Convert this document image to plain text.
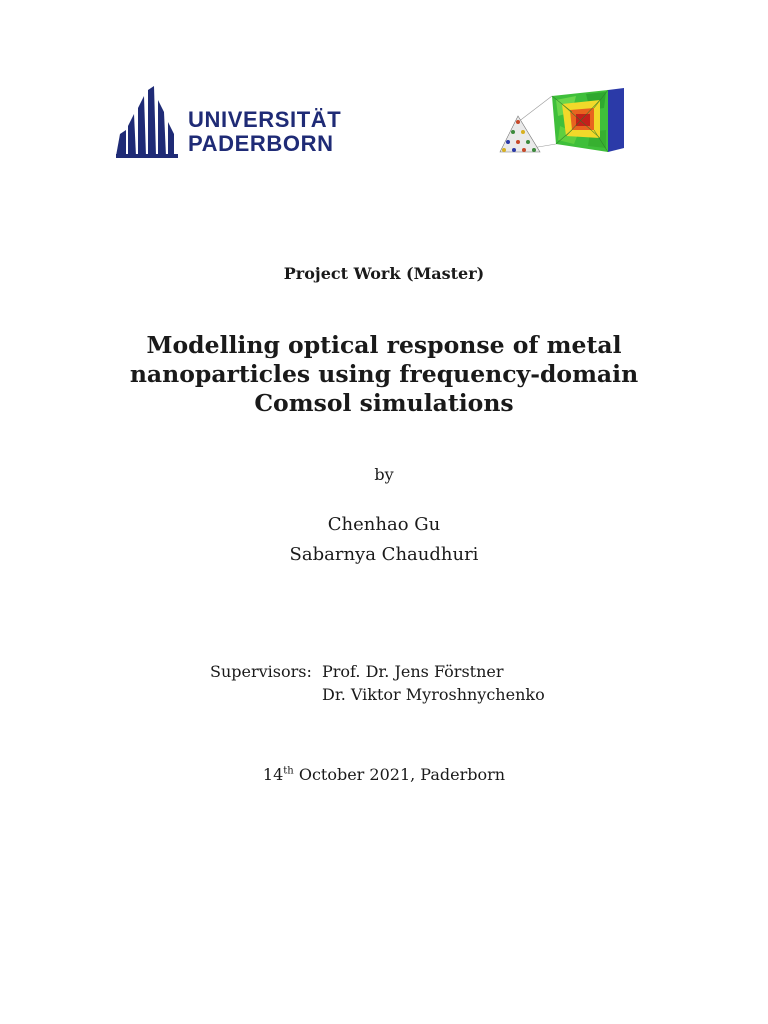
UNIVERSITÄT
PADERBORN
Project Work (Master)
Modelling optical response of metal
nanoparticles using frequency-domain
Comsol simulations
by
Chenhao Gu
Sabarnya Chaudhuri
Supervisors: Prof. Dr. Jens Förstner
Dr. Viktor Myroshnychenko
14th October 2021, Paderborn
